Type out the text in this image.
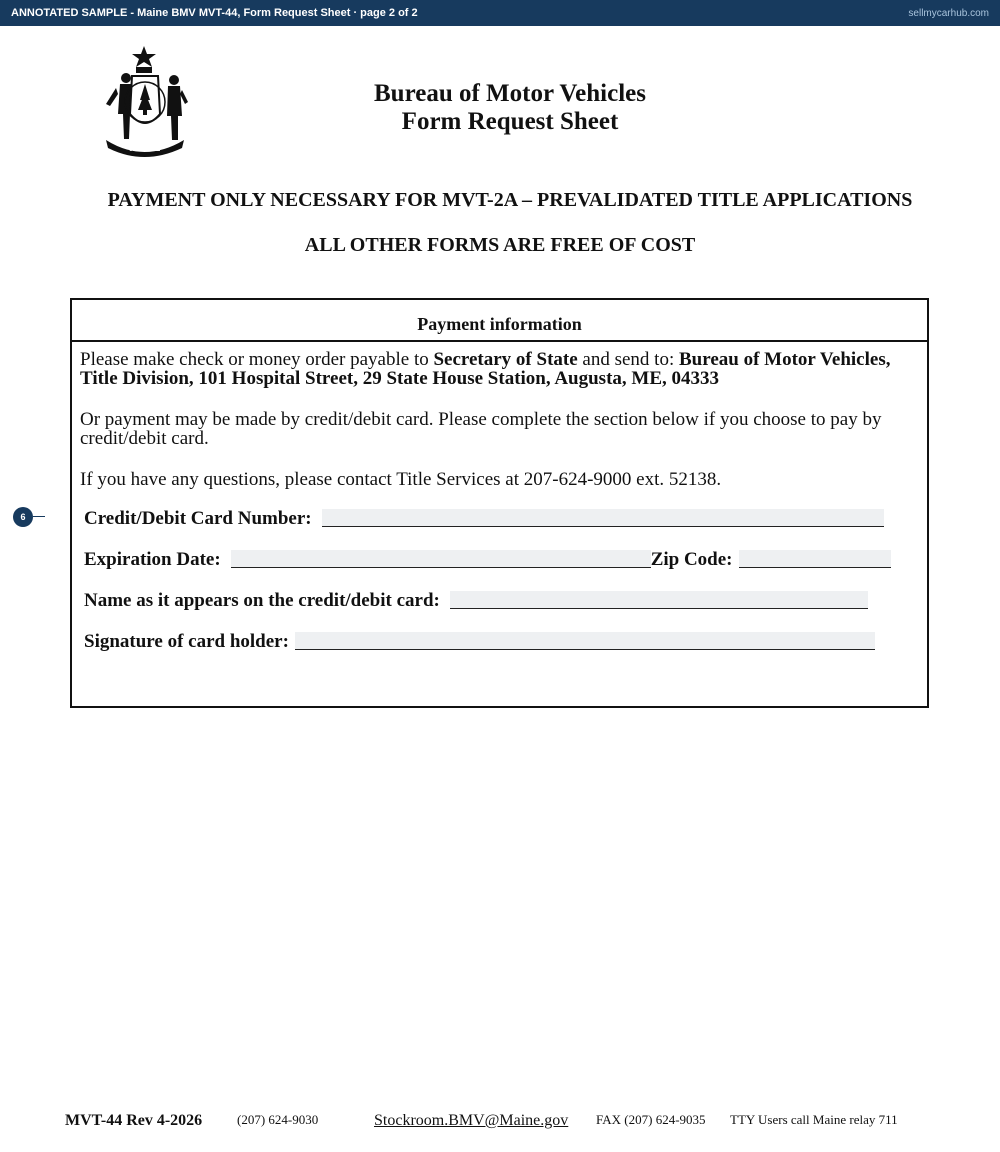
ANNOTATED SAMPLE - Maine BMV MVT-44, Form Request Sheet · page 2 of 2	sellmycarhub.com
MAINE
Bureau of Motor Vehicles
Form Request Sheet
PAYMENT ONLY NECESSARY FOR MVT-2A – PREVALIDATED TITLE APPLICATIONS
ALL OTHER FORMS ARE FREE OF COST
6
Payment information
Please make check or money order payable to Secretary of State and send to: Bureau of Motor Vehicles, Title Division, 101 Hospital Street, 29 State House Station, Augusta, ME, 04333
Or payment may be made by credit/debit card. Please complete the section below if you choose to pay by credit/debit card.
If you have any questions, please contact Title Services at 207-624-9000 ext. 52138.
Credit/Debit Card Number:
Expiration Date:	Zip Code:
Name as it appears on the credit/debit card:
Signature of card holder:
MVT-44 Rev 4-2026	(207) 624-9030	Stockroom.BMV@Maine.gov FAX (207) 624-9035 TTY Users call Maine relay 711
